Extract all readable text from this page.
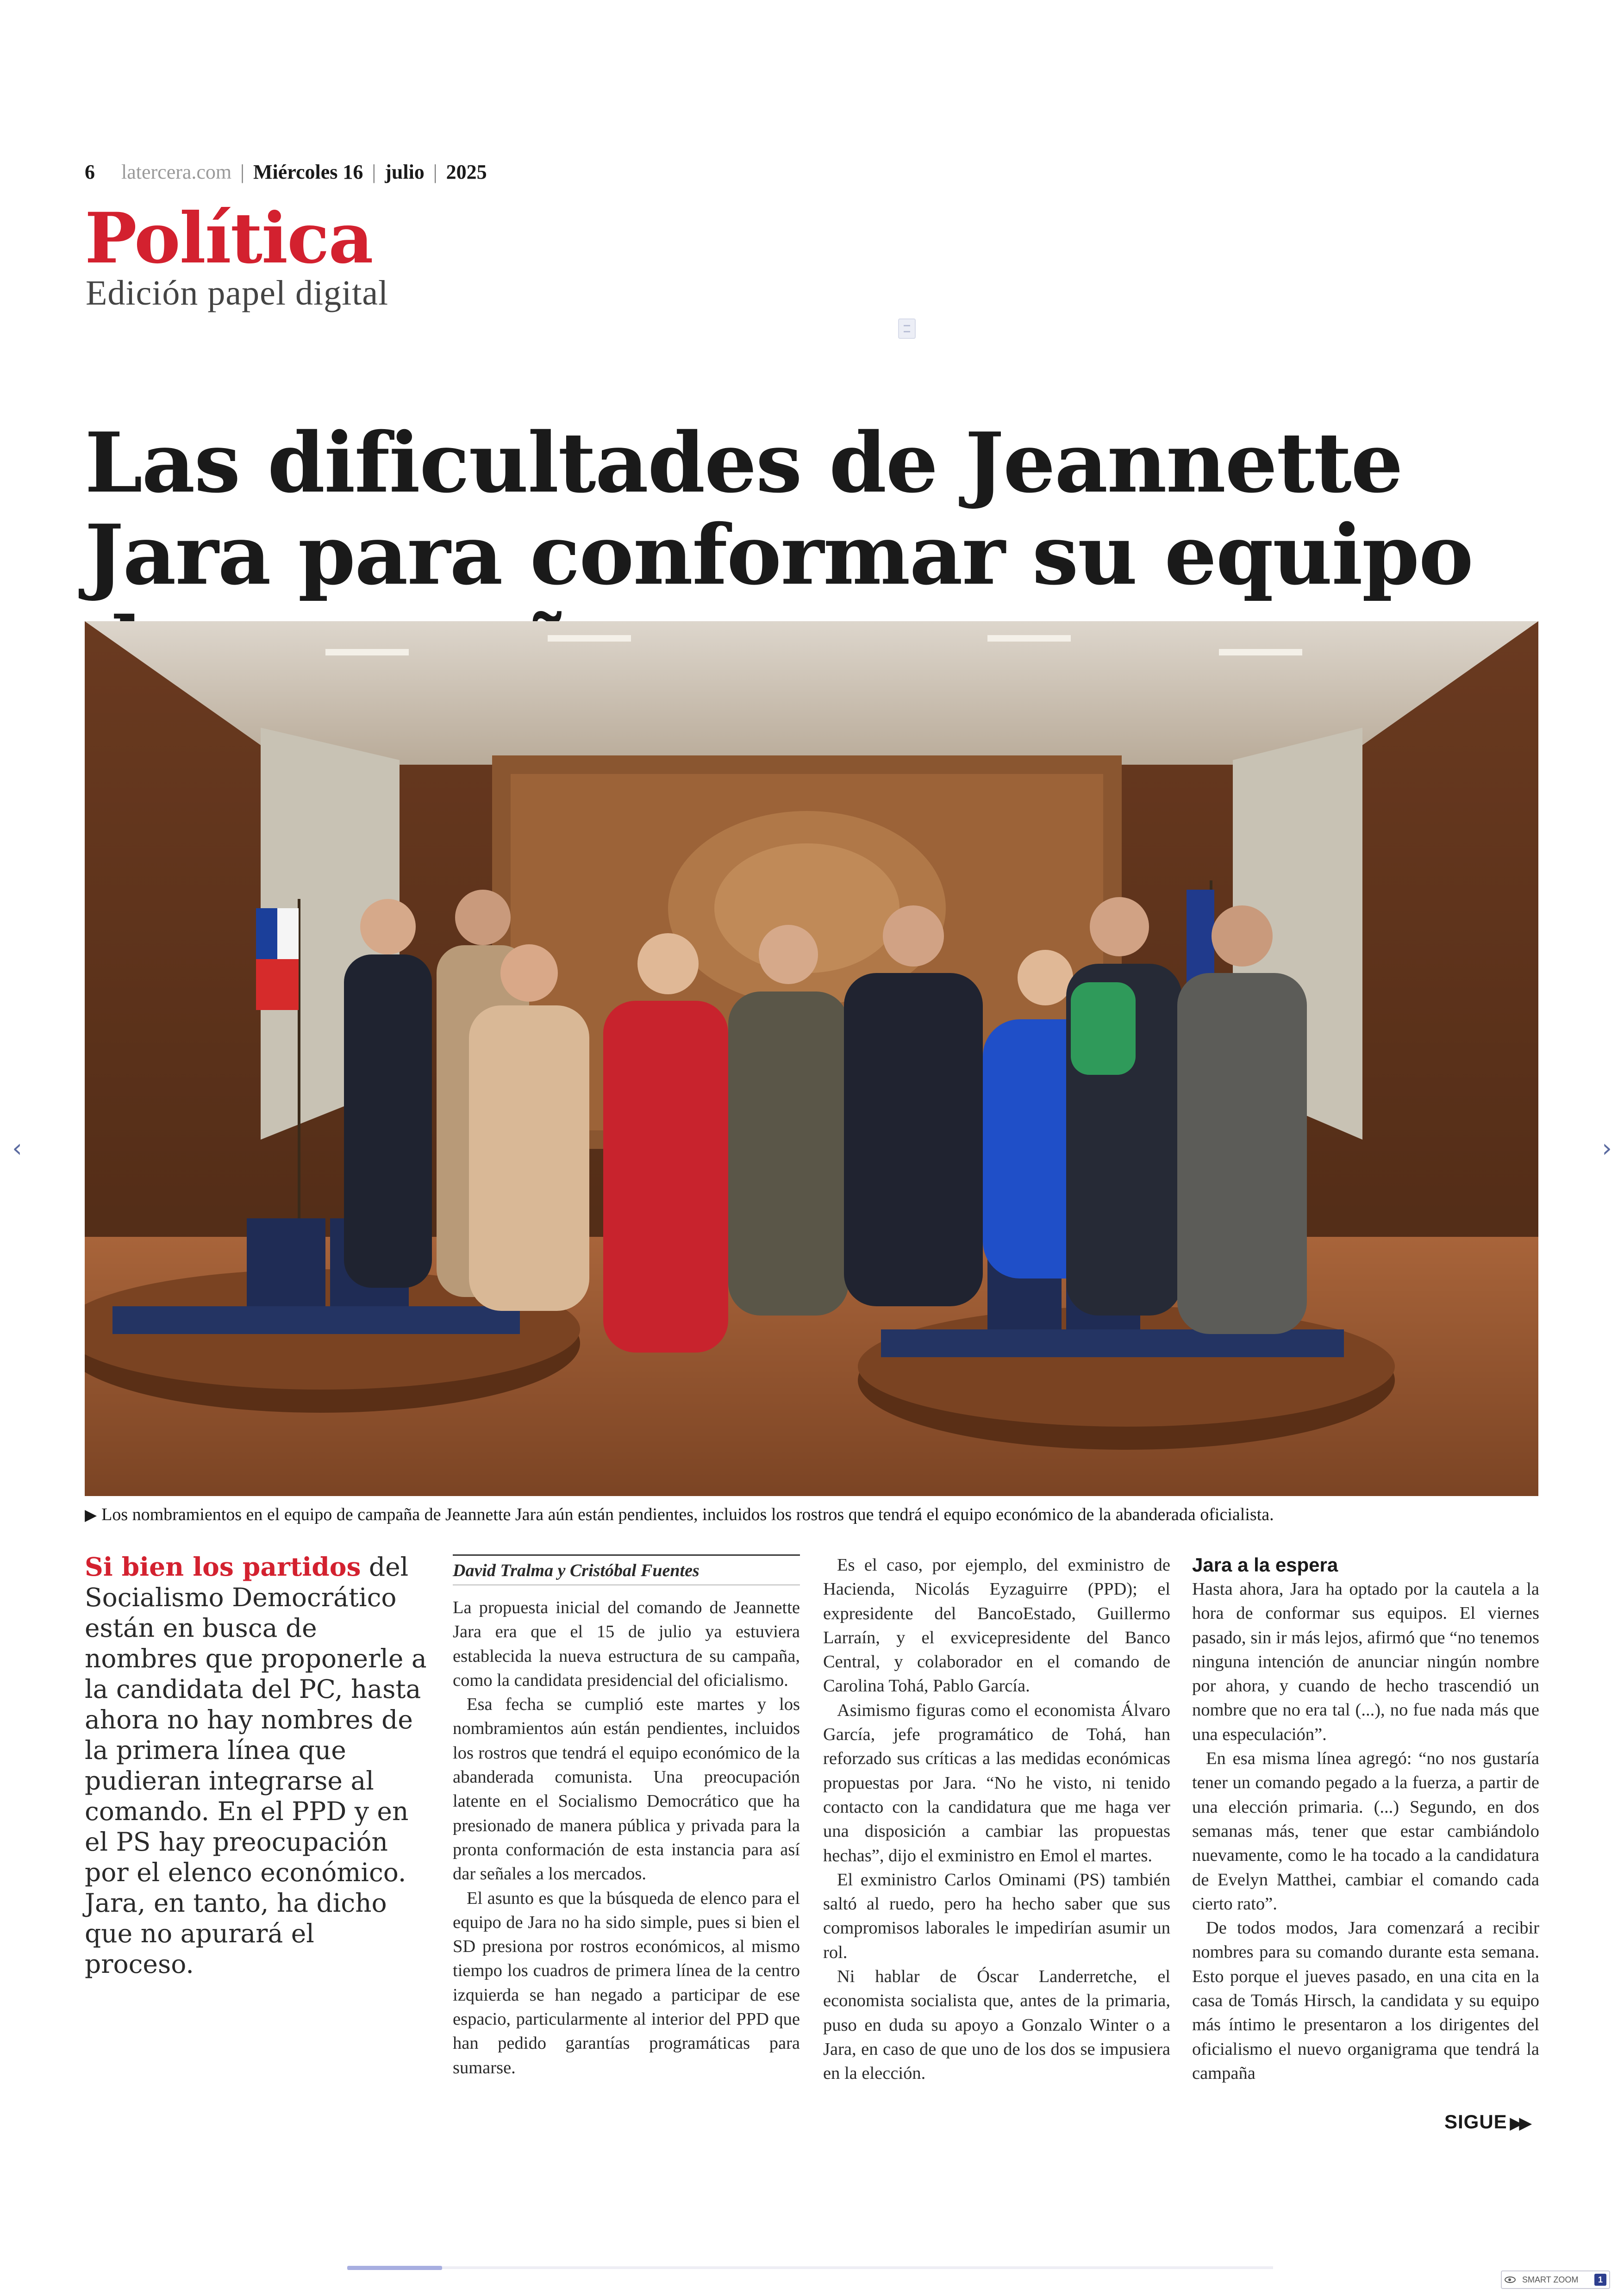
6 latercera.com | Miércoles 16 | julio | 2025
Política
Edición papel digital
Las dificultades de Jeannette Jara para conformar su equipo
▶ Los nombramientos en el equipo de campaña de Jeannette Jara aún están pendientes, incluidos los rostros que tendrá el equipo económico de la abanderada oficialista.
Si bien los partidos del Socialismo Democrático están en busca de nombres que proponerle a la candidata del PC, hasta ahora no hay nombres de la primera línea que pudieran integrarse al comando. En el PPD y en el PS hay preocupación por el elenco económico. Jara, en tanto, ha dicho que no apurará el proceso.
David Tralma y Cristóbal Fuentes

La propuesta inicial del comando de Jeannette Jara era que el 15 de julio ya estuviera establecida la nueva estructura de su campaña, como la candidata presidencial del oficialismo.

Esa fecha se cumplió este martes y los nombramientos aún están pendientes, incluidos los rostros que tendrá el equipo económico de la abanderada comunista. Una preocupación latente en el Socialismo Democrático que ha presionado de manera pública y privada para la pronta conformación de esta instancia para así dar señales a los mercados.

El asunto es que la búsqueda de elenco para el equipo de Jara no ha sido simple, pues si bien el SD presiona por rostros económicos, al mismo tiempo los cuadros de primera línea de la centro izquierda se han negado a participar de ese espacio, particularmente al interior del PPD que han pedido garantías programáticas para sumarse.

Es el caso, por ejemplo, del exministro de Hacienda, Nicolás Eyzaguirre (PPD); el expresidente del BancoEstado, Guillermo Larraín, y el exvicepresidente del Banco Central, y colaborador en el comando de Carolina Tohá, Pablo García.

Asimismo figuras como el economista Álvaro García, jefe programático de Tohá, han reforzado sus críticas a las medidas económicas propuestas por Jara. “No he visto, ni tenido contacto con la candidatura que me haga ver una disposición a cambiar las propuestas hechas”, dijo el exministro en Emol el martes.

El exministro Carlos Ominami (PS) también saltó al ruedo, pero ha hecho saber que sus compromisos laborales le impedirían asumir un rol.

Ni hablar de Óscar Landerretche, el economista socialista que, antes de la primaria, puso en duda su apoyo a Gonzalo Winter o a Jara, en caso de que uno de los dos se impusiera en la elección.

Jara a la espera

Hasta ahora, Jara ha optado por la cautela a la hora de conformar sus equipos. El viernes pasado, sin ir más lejos, afirmó que “no tenemos ninguna intención de anunciar ningún nombre por ahora, y cuando de hecho trascendió un nombre que no era tal (...), no fue nada más que una especulación”.

En esa misma línea agregó: “no nos gustaría tener un comando pegado a la fuerza, a partir de una elección primaria. (...) Segundo, en dos semanas más, tener que estar cambiándolo nuevamente, como le ha tocado a la candidatura de Evelyn Matthei, cambiar el comando cada cierto rato”.

De todos modos, Jara comenzará a recibir nombres para su comando durante esta semana. Esto porque el jueves pasado, en una cita en la casa de Tomás Hirsch, la candidata y su equipo más íntimo le presentaron a los dirigentes del oficialismo el nuevo organigrama que tendrá la campaña

SIGUE ▶▶
‹	›
SMART ZOOM	1
